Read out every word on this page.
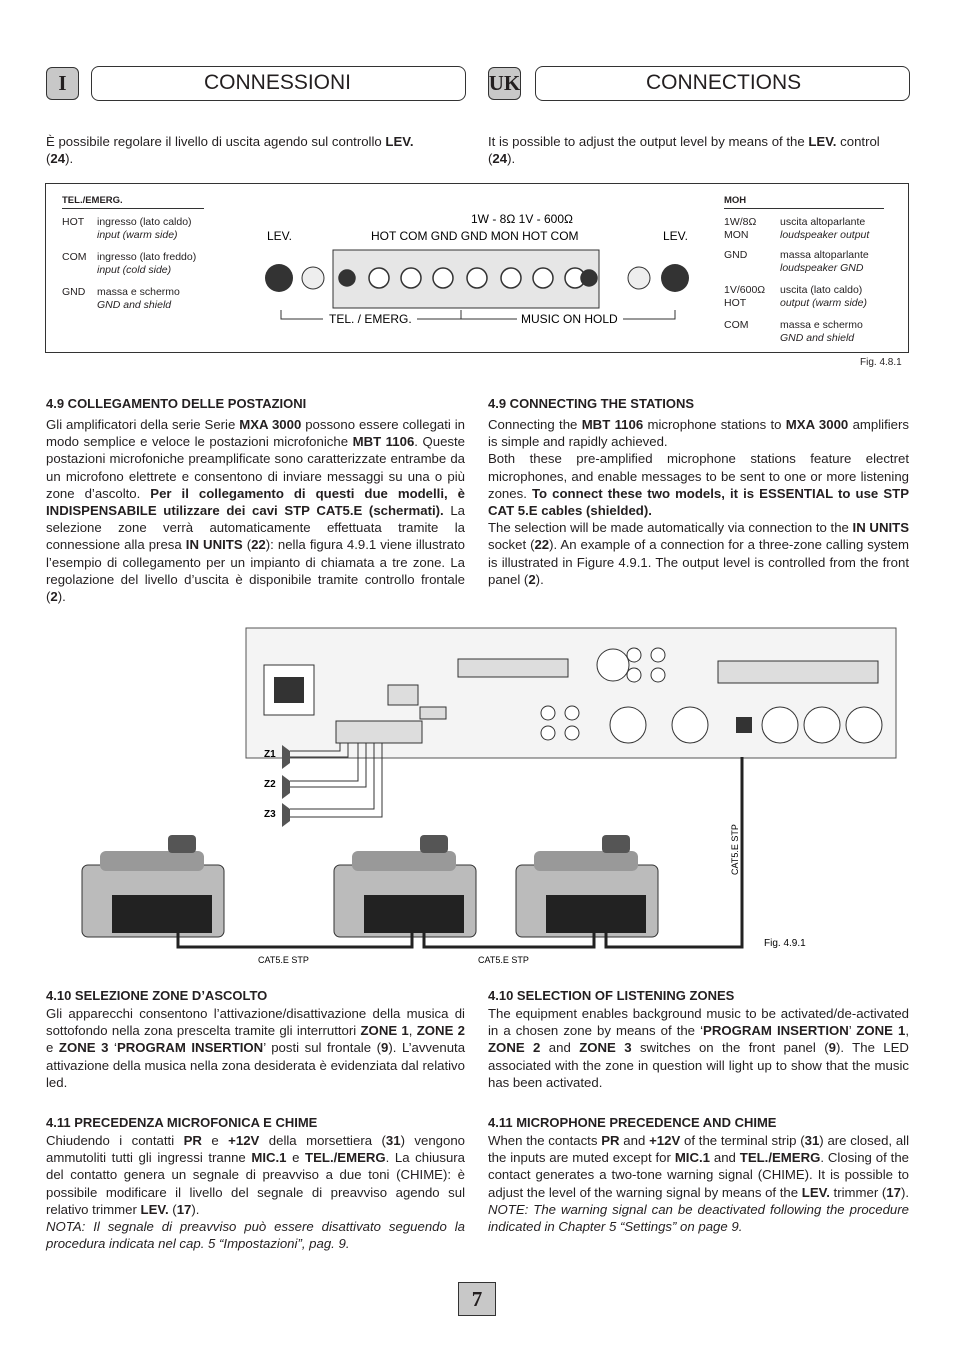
I	CONNESSIONI	UK	CONNECTIONS
È possibile regolare il livello di uscita agendo sul controllo LEV.
(24).
It is possible to adjust the output level by means of the LEV. control
(24).
TEL./EMERG.
HOT	ingresso (lato caldo)
input (warm side)
COM	ingresso (lato freddo)
input (cold side)
GND	massa e schermo
GND and shield
MOH
1W/8Ω MON
uscita altoparlante
loudspeaker output
GND	massa altoparlante
loudspeaker GND
1V/600Ω HOT
uscita (lato caldo)
output (warm side)
COM	massa e schermo
GND and shield
LEV.	LEV.
1W - 8Ω 1V - 600Ω
HOT COM GND GND MON HOT COM
TEL. / EMERG.	MUSIC ON HOLD
Fig. 4.8.1
4.9 COLLEGAMENTO DELLE POSTAZIONI
Gli amplificatori della serie Serie MXA 3000 possono essere collegati in modo semplice e veloce le postazioni microfoniche MBT 1106. Queste postazioni microfoniche preamplificate sono caratterizzate entrambe da un microfono elettrete e consentono di inviare messaggi su una o più zone d’ascolto. Per il collegamento di questi due modelli, è INDISPENSABILE utilizzare dei cavi STP CAT5.E (schermati). La selezione zone verrà automaticamente effettuata tramite la connessione alla presa IN UNITS (22): nella figura 4.9.1 viene illustrato l’esempio di collegamento per un impianto di chiamata a tre zone. La regolazione del livello d’uscita è disponibile tramite controllo frontale (2).
4.9 CONNECTING THE STATIONS
Connecting the MBT 1106 microphone stations to MXA 3000 amplifiers is simple and rapidly achieved.
Both these pre-amplified microphone stations feature electret microphones, and enable messages to be sent to one or more listening zones. To connect these two models, it is ESSENTIAL to use STP CAT 5.E cables (shielded).
The selection will be made automatically via connection to the IN UNITS socket (22). An example of a connection for a three-zone calling system is illustrated in Figure 4.9.1. The output level is controlled from the front panel (2).
Z1
Z2
Z3
CAT5.E STP	CAT5.E STP
CAT5.E STP
Fig. 4.9.1
4.10 SELEZIONE ZONE D’ASCOLTO
Gli apparecchi consentono l’attivazione/disattivazione della musica di sottofondo nella zona prescelta tramite gli interruttori ZONE 1, ZONE 2 e ZONE 3 ‘PROGRAM INSERTION’ posti sul frontale (9). L’avvenuta attivazione della musica nella zona desiderata è evidenziata dal relativo led.
4.10 SELECTION OF LISTENING ZONES
The equipment enables background music to be activated/de-activated in a chosen zone by means of the ‘PROGRAM INSERTION’ ZONE 1, ZONE 2 and ZONE 3 switches on the front panel (9). The LED associated with the zone in question will light up to show that the music has been activated.
4.11 PRECEDENZA MICROFONICA E CHIME
Chiudendo i contatti PR e +12V della morsettiera (31) vengono ammutoliti tutti gli ingressi tranne MIC.1 e TEL./EMERG. La chiusura del contatto genera un segnale di preavviso a due toni (CHIME): è possibile modificare il livello del segnale di preavviso agendo sul relativo trimmer LEV. (17).
NOTA: Il segnale di preavviso può essere disattivato seguendo la procedura indicata nel cap. 5 “Impostazioni”, pag. 9.
4.11 MICROPHONE PRECEDENCE AND CHIME
When the contacts PR and +12V of the terminal strip (31) are closed, all the inputs are muted except for MIC.1 and TEL./EMERG. Closing of the contact generates a two-tone warning signal (CHIME). It is possible to adjust the level of the warning signal by means of the LEV. trimmer (17).
NOTE: The warning signal can be deactivated following the procedure indicated in Chapter 5 “Settings” on page 9.
7
